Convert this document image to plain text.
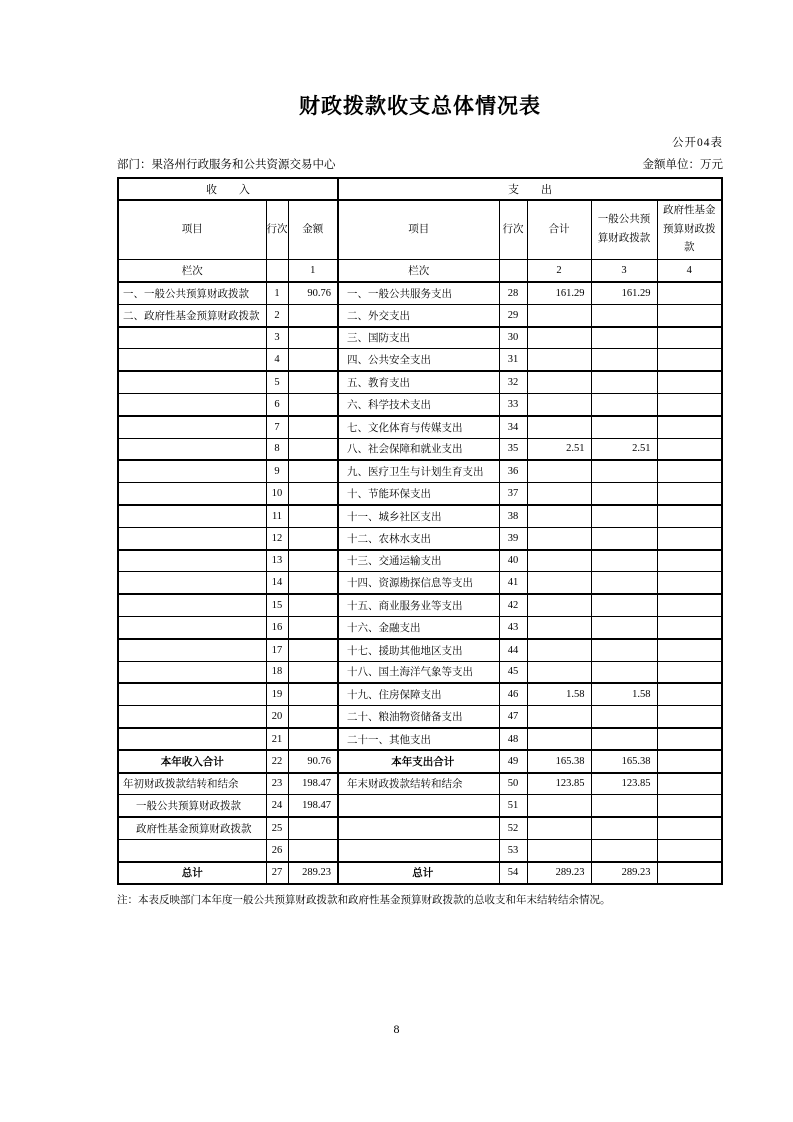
财政拨款收支总体情况表
公开04表
部门：果洛州行政服务和公共资源交易中心	金额单位：万元
收　　入			支　　出				
项目	行次	金额	项目	行次	合计	一般公共预算财政拨款	政府性基金预算财政拨款
栏次		1	栏次		2	3	4
一、一般公共预算财政拨款	1	90.76	一、一般公共服务支出	28	161.29	161.29	
二、政府性基金预算财政拨款	2		二、外交支出	29			
	3		三、国防支出	30			
	4		四、公共安全支出	31			
	5		五、教育支出	32			
	6		六、科学技术支出	33			
	7		七、文化体育与传媒支出	34			
	8		八、社会保障和就业支出	35	2.51	2.51	
	9		九、医疗卫生与计划生育支出	36			
	10		十、节能环保支出	37			
	11		十一、城乡社区支出	38			
	12		十二、农林水支出	39			
	13		十三、交通运输支出	40			
	14		十四、资源勘探信息等支出	41			
	15		十五、商业服务业等支出	42			
	16		十六、金融支出	43			
	17		十七、援助其他地区支出	44			
	18		十八、国土海洋气象等支出	45			
	19		十九、住房保障支出	46	1.58	1.58	
	20		二十、粮油物资储备支出	47			
	21		二十一、其他支出	48			
本年收入合计	22	90.76	本年支出合计	49	165.38	165.38	
年初财政拨款结转和结余	23	198.47	年末财政拨款结转和结余	50	123.85	123.85	
一般公共预算财政拨款	24	198.47		51			
政府性基金预算财政拨款	25			52			
	26			53			
总计	27	289.23	总计	54	289.23	289.23	
注：本表反映部门本年度一般公共预算财政拨款和政府性基金预算财政拨款的总收支和年末结转结余情况。
8
